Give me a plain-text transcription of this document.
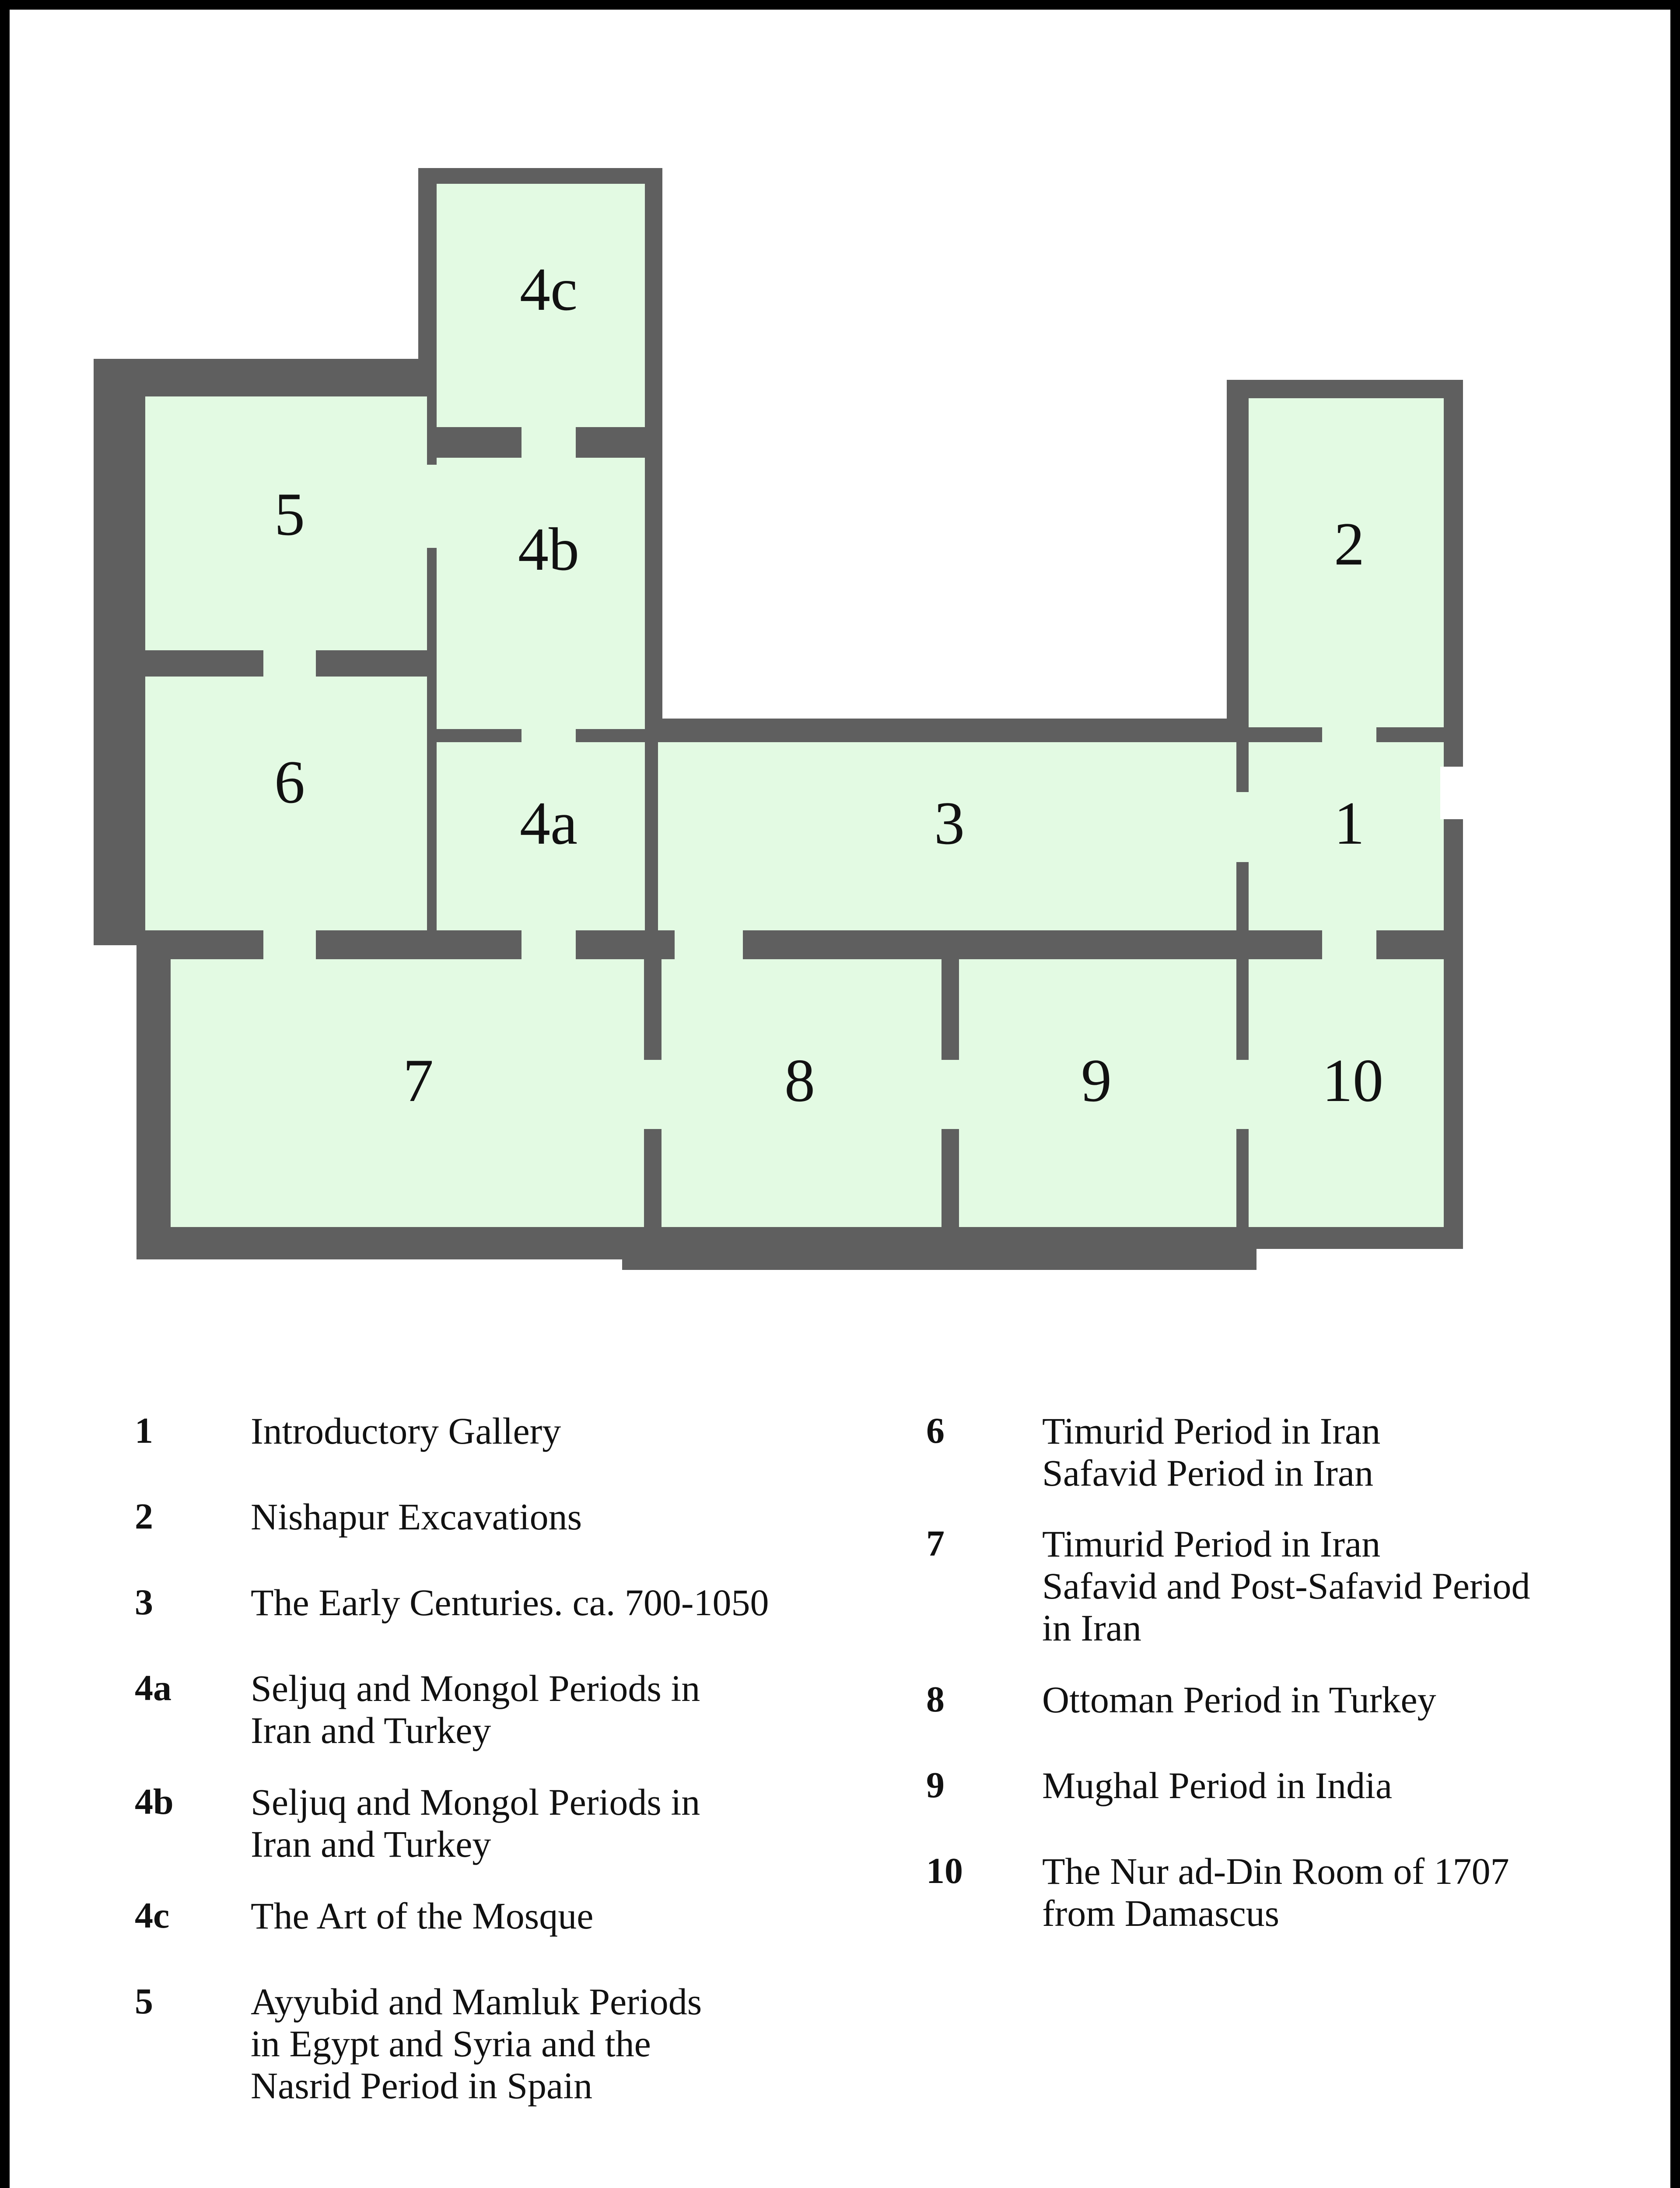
4c
5
4b	2
6
4a	3	1
7	8	9	10
1	Introductory Gallery
2	Nishapur Excavations
3	The Early Centuries. ca. 700-1050
4a	Seljuq and Mongol Periods in
Iran and Turkey
4b	Seljuq and Mongol Periods in
Iran and Turkey
4c	The Art of the Mosque
5	Ayyubid and Mamluk Periods
in Egypt and Syria and the
Nasrid Period in Spain
6	Timurid Period in Iran
Safavid Period in Iran
7	Timurid Period in Iran
Safavid and Post-Safavid Period
in Iran
8	Ottoman Period in Turkey
9	Mughal Period in India
10	The Nur ad-Din Room of 1707
from Damascus
